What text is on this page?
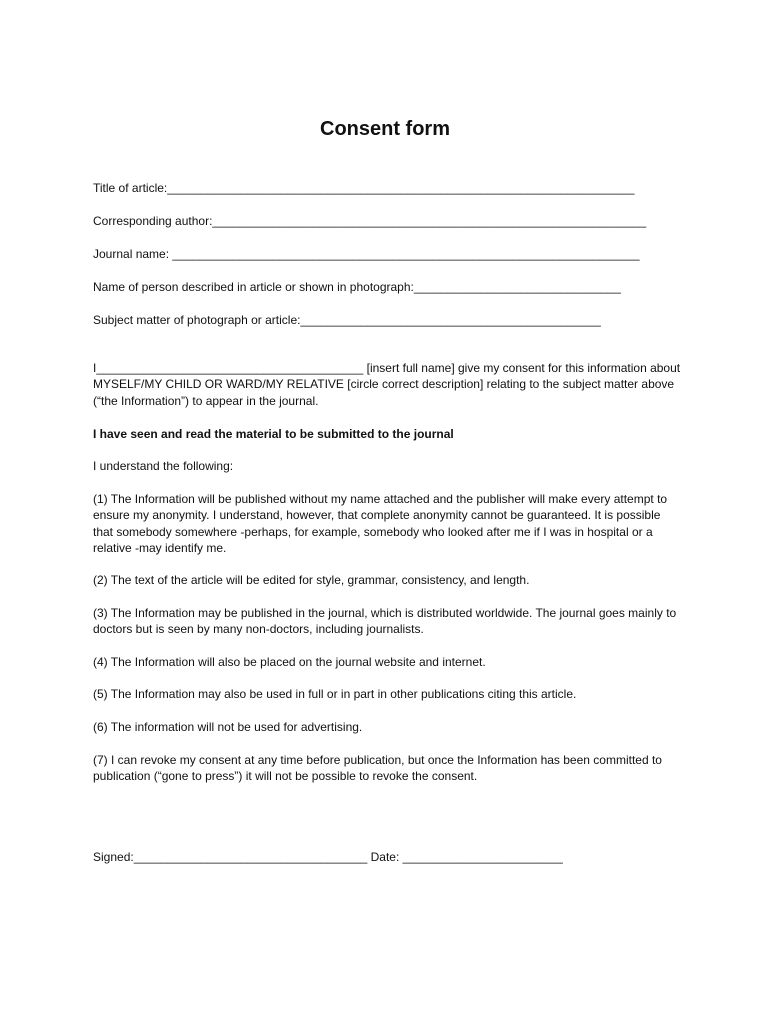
Consent form
Title of article:______________________________________________________________________
Corresponding author:_________________________________________________________________
Journal name: ______________________________________________________________________
Name of person described in article or shown in photograph:_______________________________
Subject matter of photograph or article:_____________________________________________
I________________________________________ [insert full name] give my consent for this information about MYSELF/MY CHILD OR WARD/MY RELATIVE [circle correct description] relating to the subject matter above (“the Information”) to appear in the journal.
I have seen and read the material to be submitted to the journal
I understand the following:
(1) The Information will be published without my name attached and the publisher will make every attempt to ensure my anonymity. I understand, however, that complete anonymity cannot be guaranteed. It is possible that somebody somewhere -perhaps, for example, somebody who looked after me if I was in hospital or a relative -may identify me.
(2) The text of the article will be edited for style, grammar, consistency, and length.
(3) The Information may be published in the journal, which is distributed worldwide. The journal goes mainly to doctors but is seen by many non-doctors, including journalists.
(4) The Information will also be placed on the journal website and internet.
(5) The Information may also be used in full or in part in other publications citing this article.
(6) The information will not be used for advertising.
(7) I can revoke my consent at any time before publication, but once the Information has been committed to publication (“gone to press”) it will not be possible to revoke the consent.
Signed:___________________________________ Date: ________________________
